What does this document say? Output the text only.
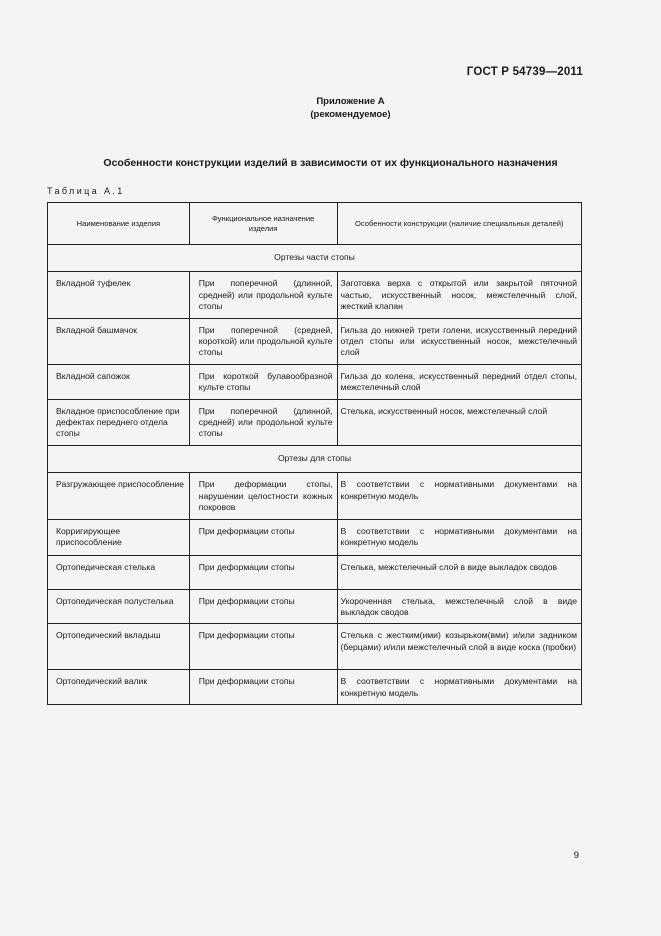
ГОСТ Р 54739—2011
Приложение А
(рекомендуемое)
Особенности конструкции изделий в зависимости от их функционального назначения
Таблица А.1
Наименование изделия	Функциональное назначение изделия	Особенности конструкции (наличие специальных деталей)

Ортезы части стопы		

Вкладной туфелек	При поперечной (длинной, средней) или продольной культе стопы	Заготовка верха с открытой или закрытой пяточной частью, искусственный носок, межстелечный слой, жесткий клапан

Вкладной башмачок	При поперечной (средней, короткой) или продольной культе стопы	Гильза до нижней трети голени, искусственный передний отдел стопы или искусственный носок, межстелечный слой

Вкладной сапожок	При короткой булавообразной культе стопы	Гильза до колена, искусственный передний отдел стопы, межстелечный слой

Вкладное приспособление при дефектах переднего отдела стопы	При поперечной (длинной, средней) или продольной культе стопы	Стелька, искусственный носок, межстелечный слой

Ортезы для стопы		

Разгружающее приспособление	При деформации стопы, нарушении целостности кожных покровов	В соответствии с нормативными документами на конкретную модель

Корригирующее приспособление	При деформации стопы	В соответствии с нормативными документами на конкретную модель

Ортопедическая стелька	При деформации стопы	Стелька, межстелечный слой в виде выкладок сводов

Ортопедическая полустелька	При деформации стопы	Укороченная стелька, межстелечный слой в виде выкладок сводов

Ортопедический вкладыш	При деформации стопы	Стелька с жестким(ими) козырьком(вми) и/или задником (берцами) и/или межстелечный слой в виде коска (пробки)

Ортопедический валик	При деформации стопы	В соответствии с нормативными документами на конкретную модель
9
